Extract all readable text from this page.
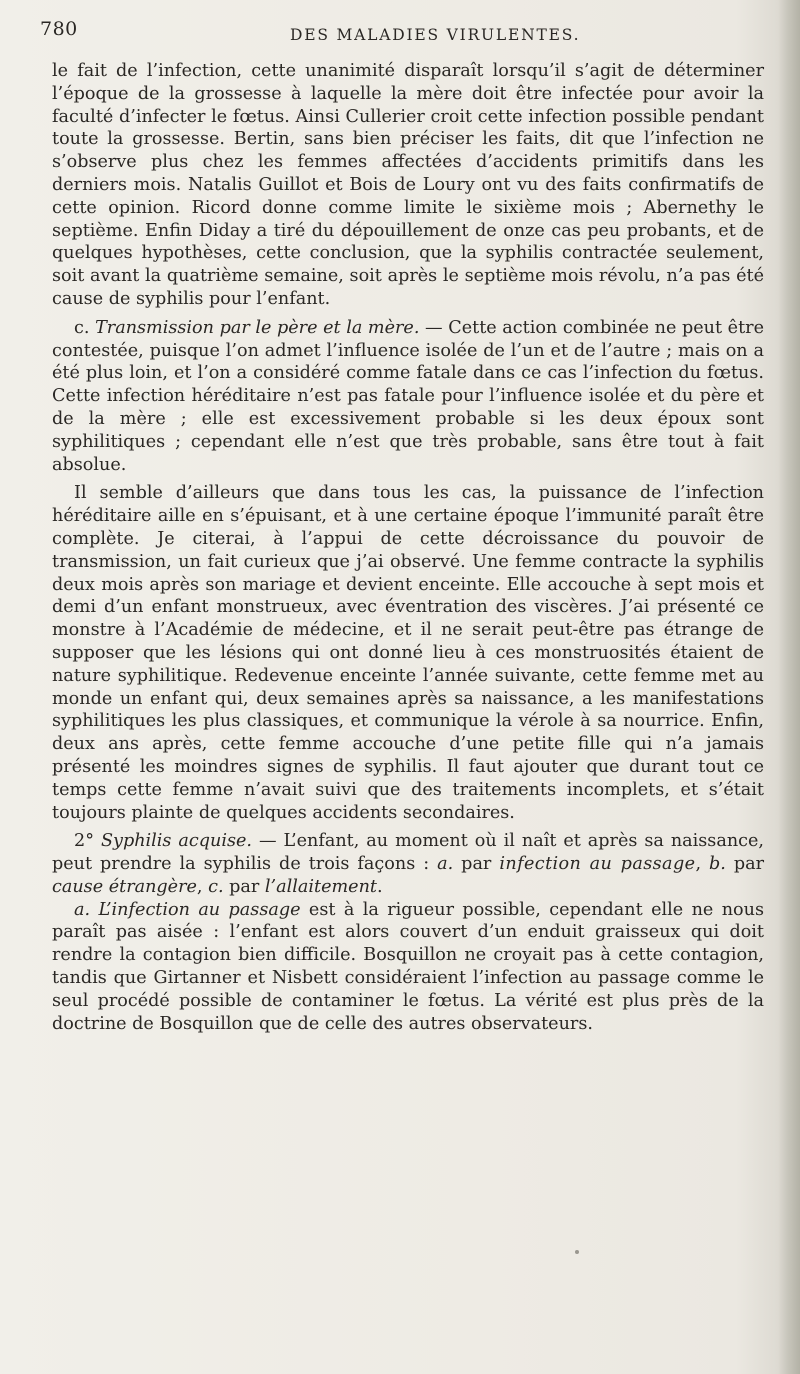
780	DES MALADIES VIRULENTES.

le fait de l’infection, cette unanimité disparaît lorsqu’il s’agit de déterminer l’époque de la grossesse à laquelle la mère doit être infectée pour avoir la faculté d’infecter le fœtus. Ainsi Cullerier croit cette infection possible pendant toute la grossesse. Bertin, sans bien préciser les faits, dit que l’infection ne s’observe plus chez les femmes affectées d’accidents primitifs dans les derniers mois. Natalis Guillot et Bois de Loury ont vu des faits confirmatifs de cette opinion. Ricord donne comme limite le sixième mois ; Abernethy le septième. Enfin Diday a tiré du dépouillement de onze cas peu probants, et de quelques hypothèses, cette conclusion, que la syphilis contractée seulement, soit avant la quatrième semaine, soit après le septième mois révolu, n’a pas été cause de syphilis pour l’enfant.

c. Transmission par le père et la mère. — Cette action combinée ne peut être contestée, puisque l’on admet l’influence isolée de l’un et de l’autre ; mais on a été plus loin, et l’on a considéré comme fatale dans ce cas l’infection du fœtus. Cette infection héréditaire n’est pas fatale pour l’influence isolée et du père et de la mère ; elle est excessivement probable si les deux époux sont syphilitiques ; cependant elle n’est que très probable, sans être tout à fait absolue.

Il semble d’ailleurs que dans tous les cas, la puissance de l’infection héréditaire aille en s’épuisant, et à une certaine époque l’immunité paraît être complète. Je citerai, à l’appui de cette décroissance du pouvoir de transmission, un fait curieux que j’ai observé. Une femme contracte la syphilis deux mois après son mariage et devient enceinte. Elle accouche à sept mois et demi d’un enfant monstrueux, avec éventration des viscères. J’ai présenté ce monstre à l’Académie de médecine, et il ne serait peut-être pas étrange de supposer que les lésions qui ont donné lieu à ces monstruosités étaient de nature syphilitique. Redevenue enceinte l’année suivante, cette femme met au monde un enfant qui, deux semaines après sa naissance, a les manifestations syphilitiques les plus classiques, et communique la vérole à sa nourrice. Enfin, deux ans après, cette femme accouche d’une petite fille qui n’a jamais présenté les moindres signes de syphilis. Il faut ajouter que durant tout ce temps cette femme n’avait suivi que des traitements incomplets, et s’était toujours plainte de quelques accidents secondaires.

2° Syphilis acquise. — L’enfant, au moment où il naît et après sa naissance, peut prendre la syphilis de trois façons : a. par infection au passage, b. par cause étrangère, c. par l’allaitement.

a. L’infection au passage est à la rigueur possible, cependant elle ne nous paraît pas aisée : l’enfant est alors couvert d’un enduit graisseux qui doit rendre la contagion bien difficile. Bosquillon ne croyait pas à cette contagion, tandis que Girtanner et Nisbett considéraient l’infection au passage comme le seul procédé possible de contaminer le fœtus. La vérité est plus près de la doctrine de Bosquillon que de celle des autres observateurs.
